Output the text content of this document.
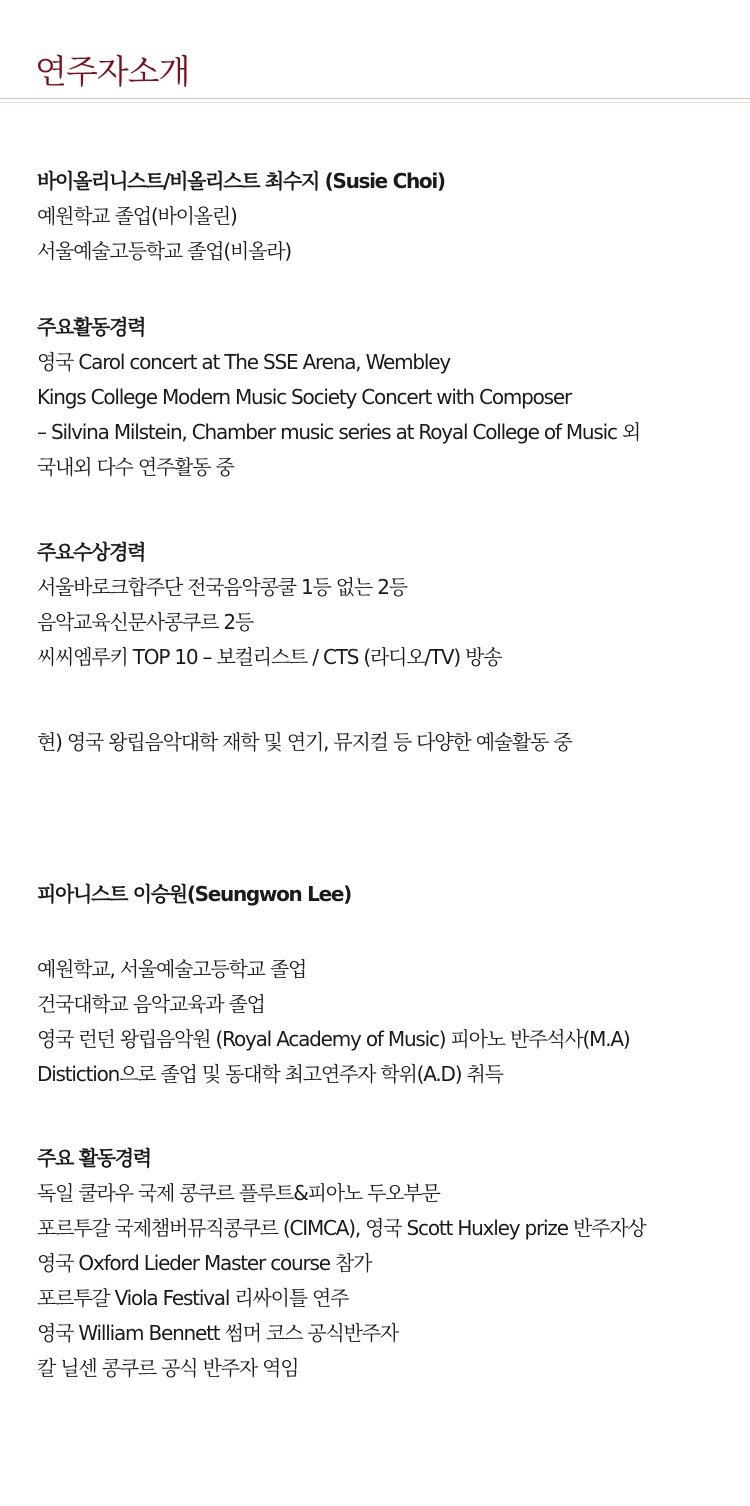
연주자소개
바이올리니스트/비올리스트 최수지 (Susie Choi)
예원학교 졸업(바이올린)
서울예술고등학교 졸업(비올라)
주요활동경력
영국 Carol concert at The SSE Arena, Wembley
Kings College Modern Music Society Concert with Composer
– Silvina Milstein, Chamber music series at Royal College of Music 외
국내외 다수 연주활동 중
주요수상경력
서울바로크합주단 전국음악콩쿨 1등 없는 2등
음악교육신문사콩쿠르 2등
씨씨엠루키 TOP 10 – 보컬리스트 / CTS (라디오/TV) 방송
현) 영국 왕립음악대학 재학 및 연기, 뮤지컬 등 다양한 예술활동 중
피아니스트 이승원(Seungwon Lee)
예원학교, 서울예술고등학교 졸업
건국대학교 음악교육과 졸업
영국 런던 왕립음악원 (Royal Academy of Music) 피아노 반주석사(M.A)
Distiction으로 졸업 및 동대학 최고연주자 학위(A.D) 취득
주요 활동경력
독일 쿨라우 국제 콩쿠르 플루트&피아노 두오부문
포르투갈 국제챔버뮤직콩쿠르 (CIMCA), 영국 Scott Huxley prize 반주자상
영국 Oxford Lieder Master course 참가
포르투갈 Viola Festival 리싸이틀 연주
영국 William Bennett 썸머 코스 공식반주자
칼 닐센 콩쿠르 공식 반주자 역임
